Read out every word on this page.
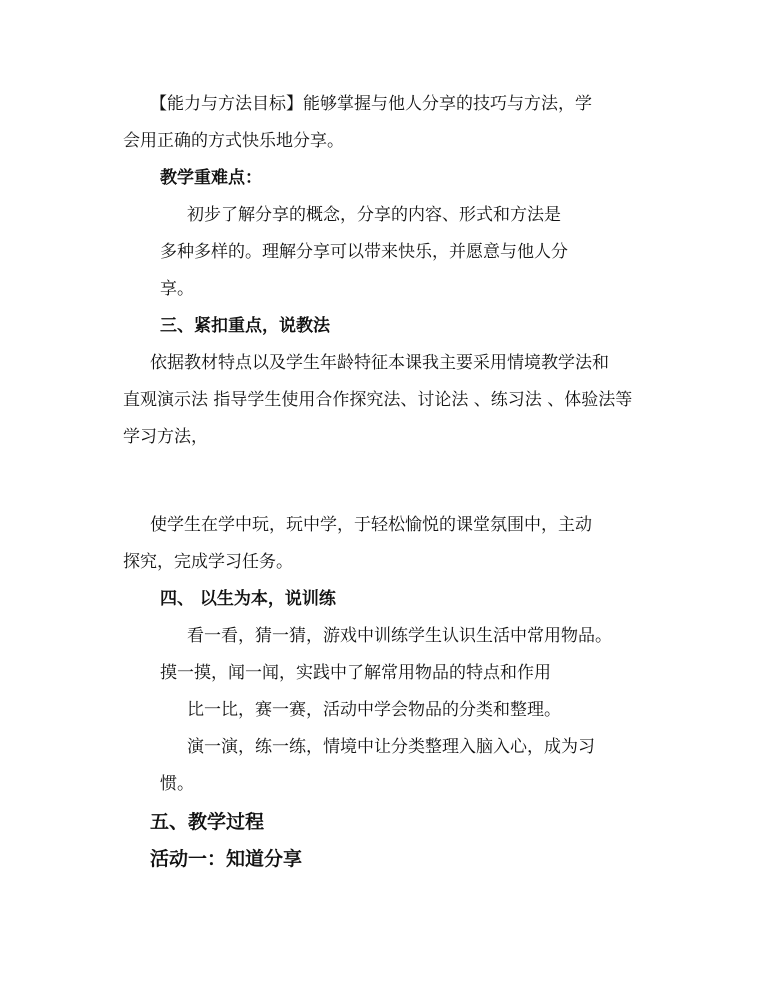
【能力与方法目标】能够掌握与他人分享的技巧与方法，学
会用正确的方式快乐地分享。
教学重难点：
初步了解分享的概念，分享的内容、形式和方法是
多种多样的。理解分享可以带来快乐，并愿意与他人分
享。
三、紧扣重点，说教法
依据教材特点以及学生年龄特征本课我主要采用情境教学法和
直观演示法 指导学生使用合作探究法、讨论法 、练习法 、体验法等
学习方法，
使学生在学中玩，玩中学，于轻松愉悦的课堂氛围中，主动
探究，完成学习任务。
四、 以生为本，说训练
看一看，猜一猜，游戏中训练学生认识生活中常用物品。
摸一摸，闻一闻，实践中了解常用物品的特点和作用
比一比，赛一赛，活动中学会物品的分类和整理。
演一演，练一练，情境中让分类整理入脑入心，成为习
惯。
五、教学过程
活动一：知道分享
